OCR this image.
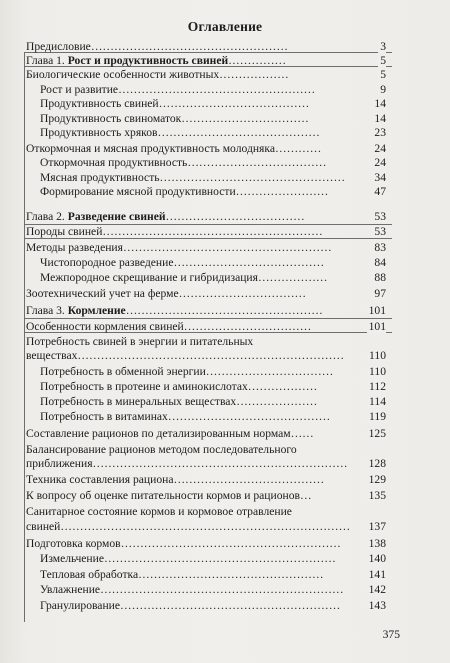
Оглавление
Предисловие……………………………………………	3
Глава 1. Рост и продуктивность свиней……………	5
Биологические особенности животных………………	5
Рост и развитие……………………………………………	9
Продуктивность свиней…………………………………	14
Продуктивность свиноматок……………………………	14
Продуктивность хряков……………………………………	23
Откормочная и мясная продуктивность молодняка…………	24
Откормочная продуктивность………………………………	24
Мясная продуктивность…………………………………………	34
Формирование мясной продуктивности……………………	47
Глава 2. Разведение свиней………………………………	53
Породы свиней…………………………………………………	53
Методы разведения………………………………………………	83
Чистопородное разведение…………………………………	84
Межпородное скрещивание и гибридизация………………	88
Зоотехнический учет на ферме……………………………	97
Глава 3. Кормление……………………………………………	101
Особенности кормления свиней……………………………	101
Потребность свиней в энергии и питательных
веществах…………………………………………………………… 110
Потребность в обменной энергии……………………………	110
Потребность в протеине и аминокислотах………………	112
Потребность в минеральных веществах…………………	114
Потребность в витаминах……………………………………	119
Составление рационов по детализированным нормам……	125
Балансирование рационов методом последовательного
приближения………………………………………………………… 128
Техника составления рациона…………………………………	129
К вопросу об оценке питательности кормов и рационов…	135
Санитарное состояние кормов и кормовое отравление
свиней………………………………………………………………… 137
Подготовка кормов………………………………………………… 138
Измельчение……………………………………………………	140
Тепловая обработка…………………………………………	141
Увлажнение……………………………………………………… 142
Гранулирование………………………………………………… 143
375
